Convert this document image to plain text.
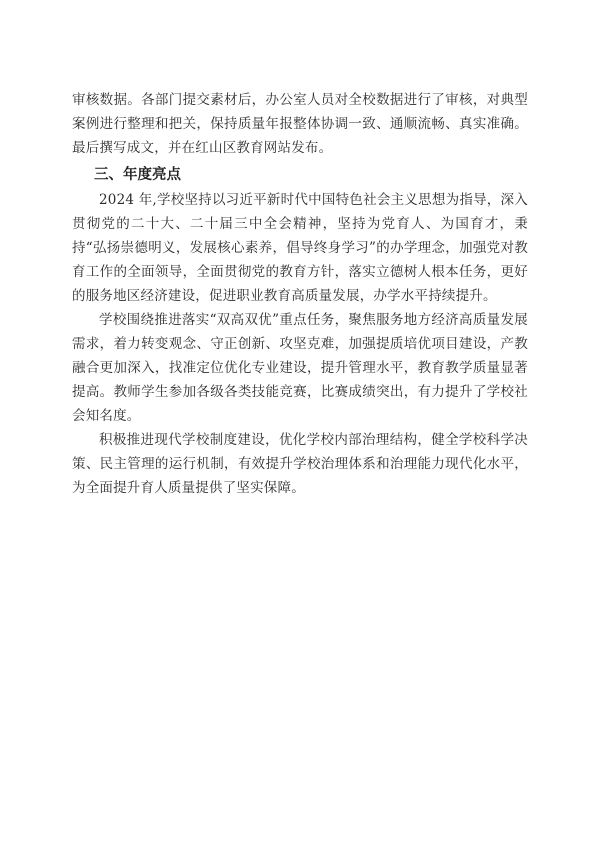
审核数据。各部门提交素材后，办公室人员对全校数据进行了审核，对典型案例进行整理和把关，保持质量年报整体协调一致、通顺流畅、真实准确。最后撰写成文，并在红山区教育网站发布。

三、年度亮点

2024 年,学校坚持以习近平新时代中国特色社会主义思想为指导，深入贯彻党的二十大、二十届三中全会精神，坚持为党育人、为国育才，秉持“弘扬崇德明义，发展核心素养，倡导终身学习”的办学理念，加强党对教育工作的全面领导，全面贯彻党的教育方针，落实立德树人根本任务，更好的服务地区经济建设，促进职业教育高质量发展，办学水平持续提升。

学校围绕推进落实“双高双优”重点任务，聚焦服务地方经济高质量发展需求，着力转变观念、守正创新、攻坚克难，加强提质培优项目建设，产教融合更加深入，找准定位优化专业建设，提升管理水平，教育教学质量显著提高。教师学生参加各级各类技能竞赛，比赛成绩突出，有力提升了学校社会知名度。

积极推进现代学校制度建设，优化学校内部治理结构，健全学校科学决策、民主管理的运行机制，有效提升学校治理体系和治理能力现代化水平，为全面提升育人质量提供了坚实保障。
